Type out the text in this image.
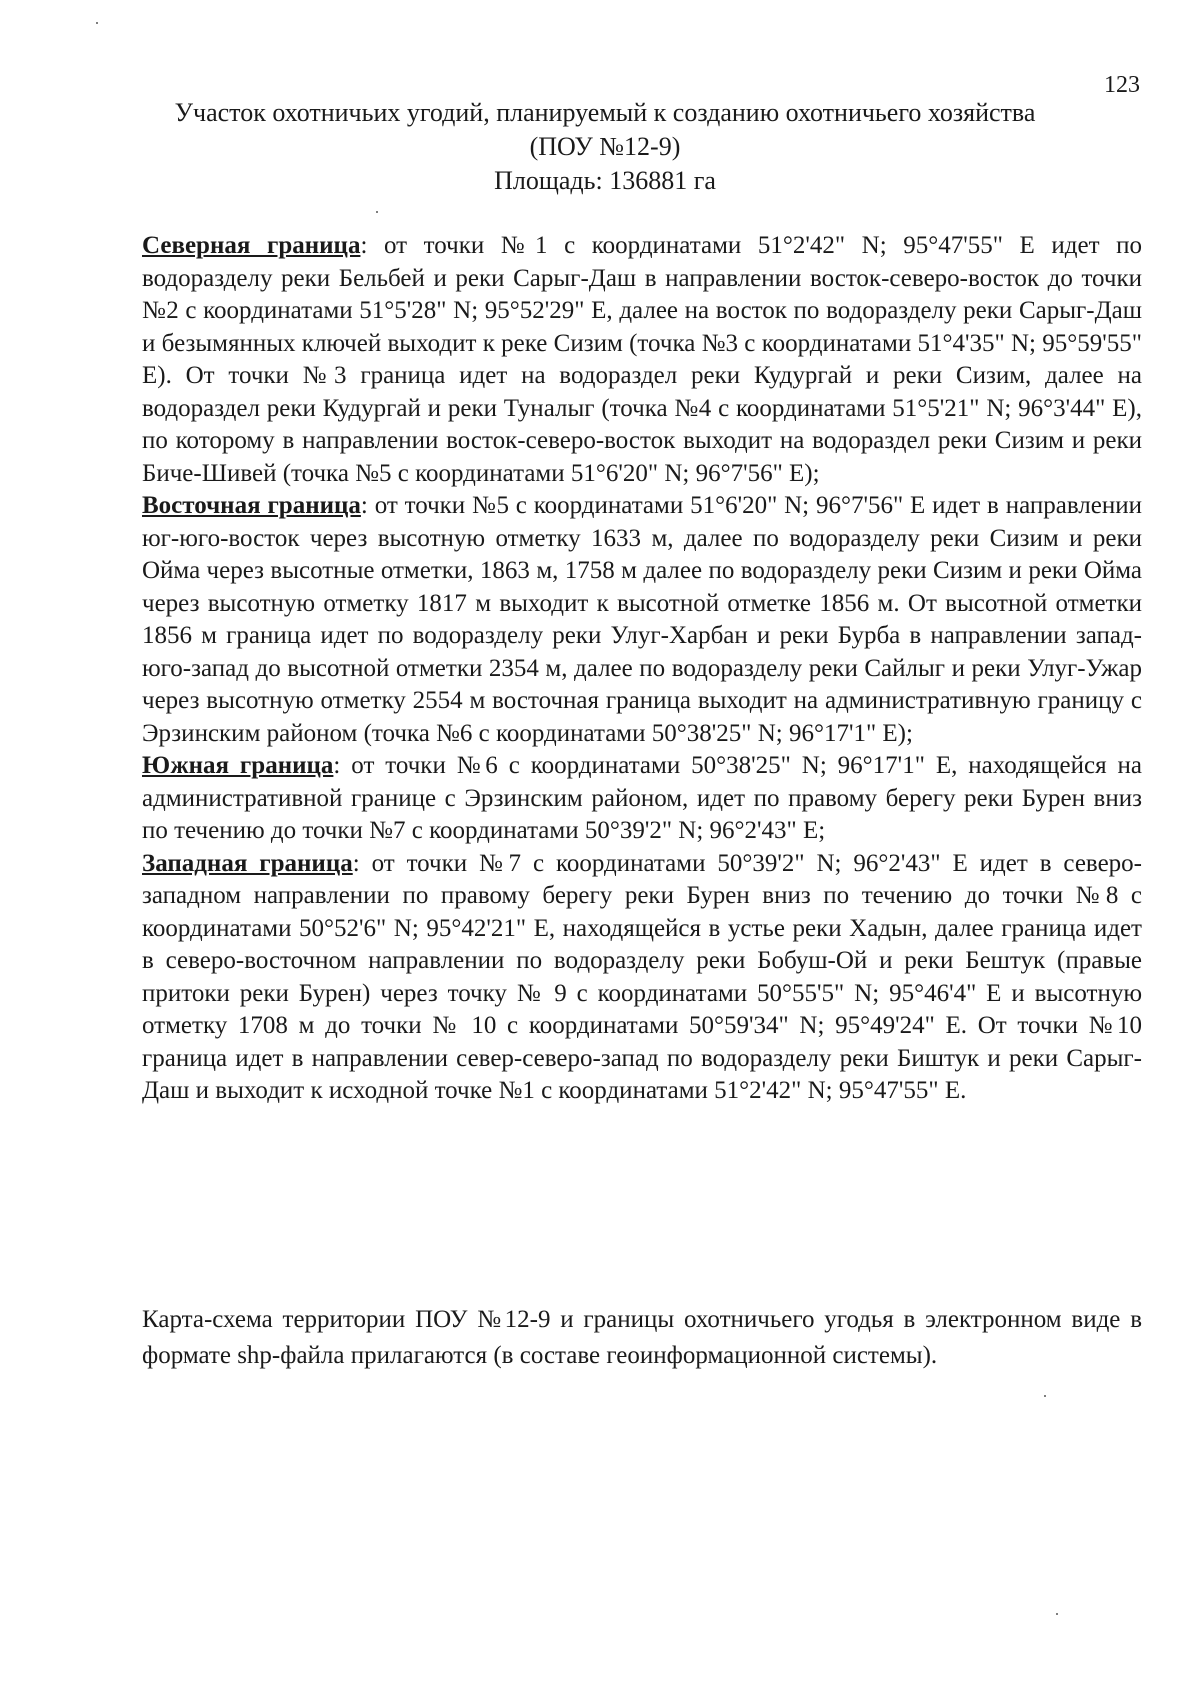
123
Участок охотничьих угодий, планируемый к созданию охотничьего хозяйства
(ПОУ №12-9)
Площадь: 136881 га

Северная граница: от точки №1 с координатами 51°2'42" N; 95°47'55" E идет по водоразделу реки Бельбей и реки Сарыг-Даш в направлении восток-северо-восток до точки №2 с координатами 51°5'28" N; 95°52'29" E, далее на восток по водоразделу реки Сарыг-Даш и безымянных ключей выходит к реке Сизим (точка №3 с координатами 51°4'35" N; 95°59'55" E). От точки №3 граница идет на водораздел реки Кудургай и реки Сизим, далее на водораздел реки Кудургай и реки Туналыг (точка №4 с координатами 51°5'21" N; 96°3'44" E), по которому в направлении восток-северо-восток выходит на водораздел реки Сизим и реки Биче-Шивей (точка №5 с координатами 51°6'20" N; 96°7'56" E);

Восточная граница: от точки №5 с координатами 51°6'20" N; 96°7'56" E идет в направлении юг-юго-восток через высотную отметку 1633 м, далее по водоразделу реки Сизим и реки Ойма через высотные отметки, 1863 м, 1758 м далее по водоразделу реки Сизим и реки Ойма через высотную отметку 1817 м выходит к высотной отметке 1856 м. От высотной отметки 1856 м граница идет по водоразделу реки Улуг-Харбан и реки Бурба в направлении запад-юго-запад до высотной отметки 2354 м, далее по водоразделу реки Сайлыг и реки Улуг-Ужар через высотную отметку 2554 м восточная граница выходит на административную границу с Эрзинским районом (точка №6 с координатами 50°38'25" N; 96°17'1" E);

Южная граница: от точки №6 с координатами 50°38'25" N; 96°17'1" E, находящейся на административной границе с Эрзинским районом, идет по правому берегу реки Бурен вниз по течению до точки №7 с координатами 50°39'2" N; 96°2'43" E;

Западная граница: от точки №7 с координатами 50°39'2" N; 96°2'43" E идет в северо-западном направлении по правому берегу реки Бурен вниз по течению до точки №8 с координатами 50°52'6" N; 95°42'21" E, находящейся в устье реки Хадын, далее граница идет в северо-восточном направлении по водоразделу реки Бобуш-Ой и реки Бештук (правые притоки реки Бурен) через точку № 9 с координатами 50°55'5" N; 95°46'4" E и высотную отметку 1708 м до точки № 10 с координатами 50°59'34" N; 95°49'24" E. От точки №10 граница идет в направлении север-северо-запад по водоразделу реки Биштук и реки Сарыг-Даш и выходит к исходной точке №1 с координатами 51°2'42" N; 95°47'55" E.

Карта-схема территории ПОУ №12-9 и границы охотничьего угодья в электронном виде в формате shp-файла прилагаются (в составе геоинформационной системы).
